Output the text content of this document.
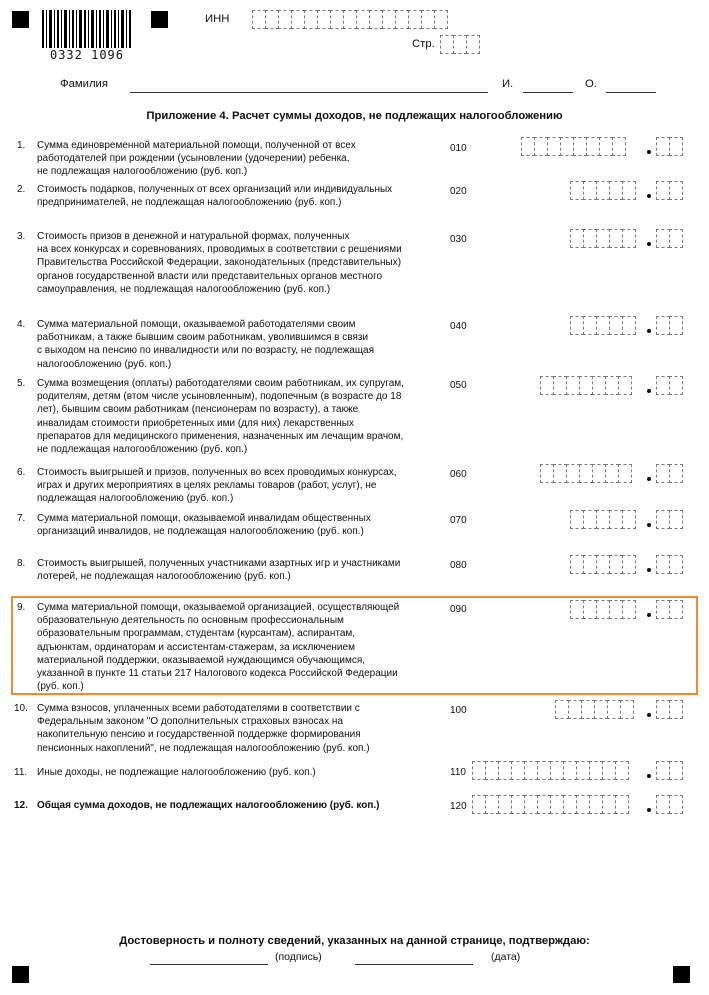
0332 1096
ИНН
Стр.
Фамилия	И.	О.
Приложение 4. Расчет суммы доходов, не подлежащих налогообложению
1. Сумма единовременной материальной помощи, полученной от всех
работодателей при рождении (усыновлении (удочерении) ребенка,
не подлежащая налогообложению (руб. коп.)
010
2. Стоимость подарков, полученных от всех организаций или индивидуальных
предпринимателей, не подлежащая налогообложению (руб. коп.)
020
3. Стоимость призов в денежной и натуральной формах, полученных
на всех конкурсах и соревнованиях, проводимых в соответствии с решениями
Правительства Российской Федерации, законодательных (представительных)
органов государственной власти или представительных органов местного
самоуправления, не подлежащая налогообложению (руб. коп.)
030
4. Сумма материальной помощи, оказываемой работодателями своим
работникам, а также бывшим своим работникам, уволившимся в связи
с выходом на пенсию по инвалидности или по возрасту, не подлежащая
налогообложению (руб. коп.)
040
5. Сумма возмещения (оплаты) работодателями своим работникам, их супругам,
родителям, детям (втом числе усыновленным), подопечным (в возрасте до 18
лет), бывшим своим работникам (пенсионерам по возрасту), а также
инвалидам стоимости приобретенных ими (для них) лекарственных
препаратов для медицинского применения, назначенных им лечащим врачом,
не подлежащая налогообложению (руб. коп.)
050
6. Стоимость выигрышей и призов, полученных во всех проводимых конкурсах,
играх и других мероприятиях в целях рекламы товаров (работ, услуг), не
подлежащая налогообложению (руб. коп.)
060
7. Сумма материальной помощи, оказываемой инвалидам общественных
организаций инвалидов, не подлежащая налогообложению (руб. коп.)
070
8. Стоимость выигрышей, полученных участниками азартных игр и участниками
лотерей, не подлежащая налогообложению (руб. коп.)
080
9. Сумма материальной помощи, оказываемой организацией, осуществляющей
образовательную деятельность по основным профессиональным
образовательным программам, студентам (курсантам), аспирантам,
адъюнктам, ординаторам и ассистентам-стажерам, за исключением
материальной поддержки, оказываемой нуждающимся обучающимся,
указанной в пункте 11 статьи 217 Налогового кодекса Российской Федерации
(руб. коп.)
090
10. Сумма взносов, уплаченных всеми работодателями в соответствии с
Федеральным законом "О дополнительных страховых взносах на
накопительную пенсию и государственной поддержке формирования
пенсионных накоплений", не подлежащая налогообложению (руб. коп.)
100
11. Иные доходы, не подлежащие налогообложению (руб. коп.)	110
12. Общая сумма доходов, не подлежащих налогообложению (руб. коп.)	120
Достоверность и полноту сведений, указанных на данной странице, подтверждаю:
(подпись)	(дата)
